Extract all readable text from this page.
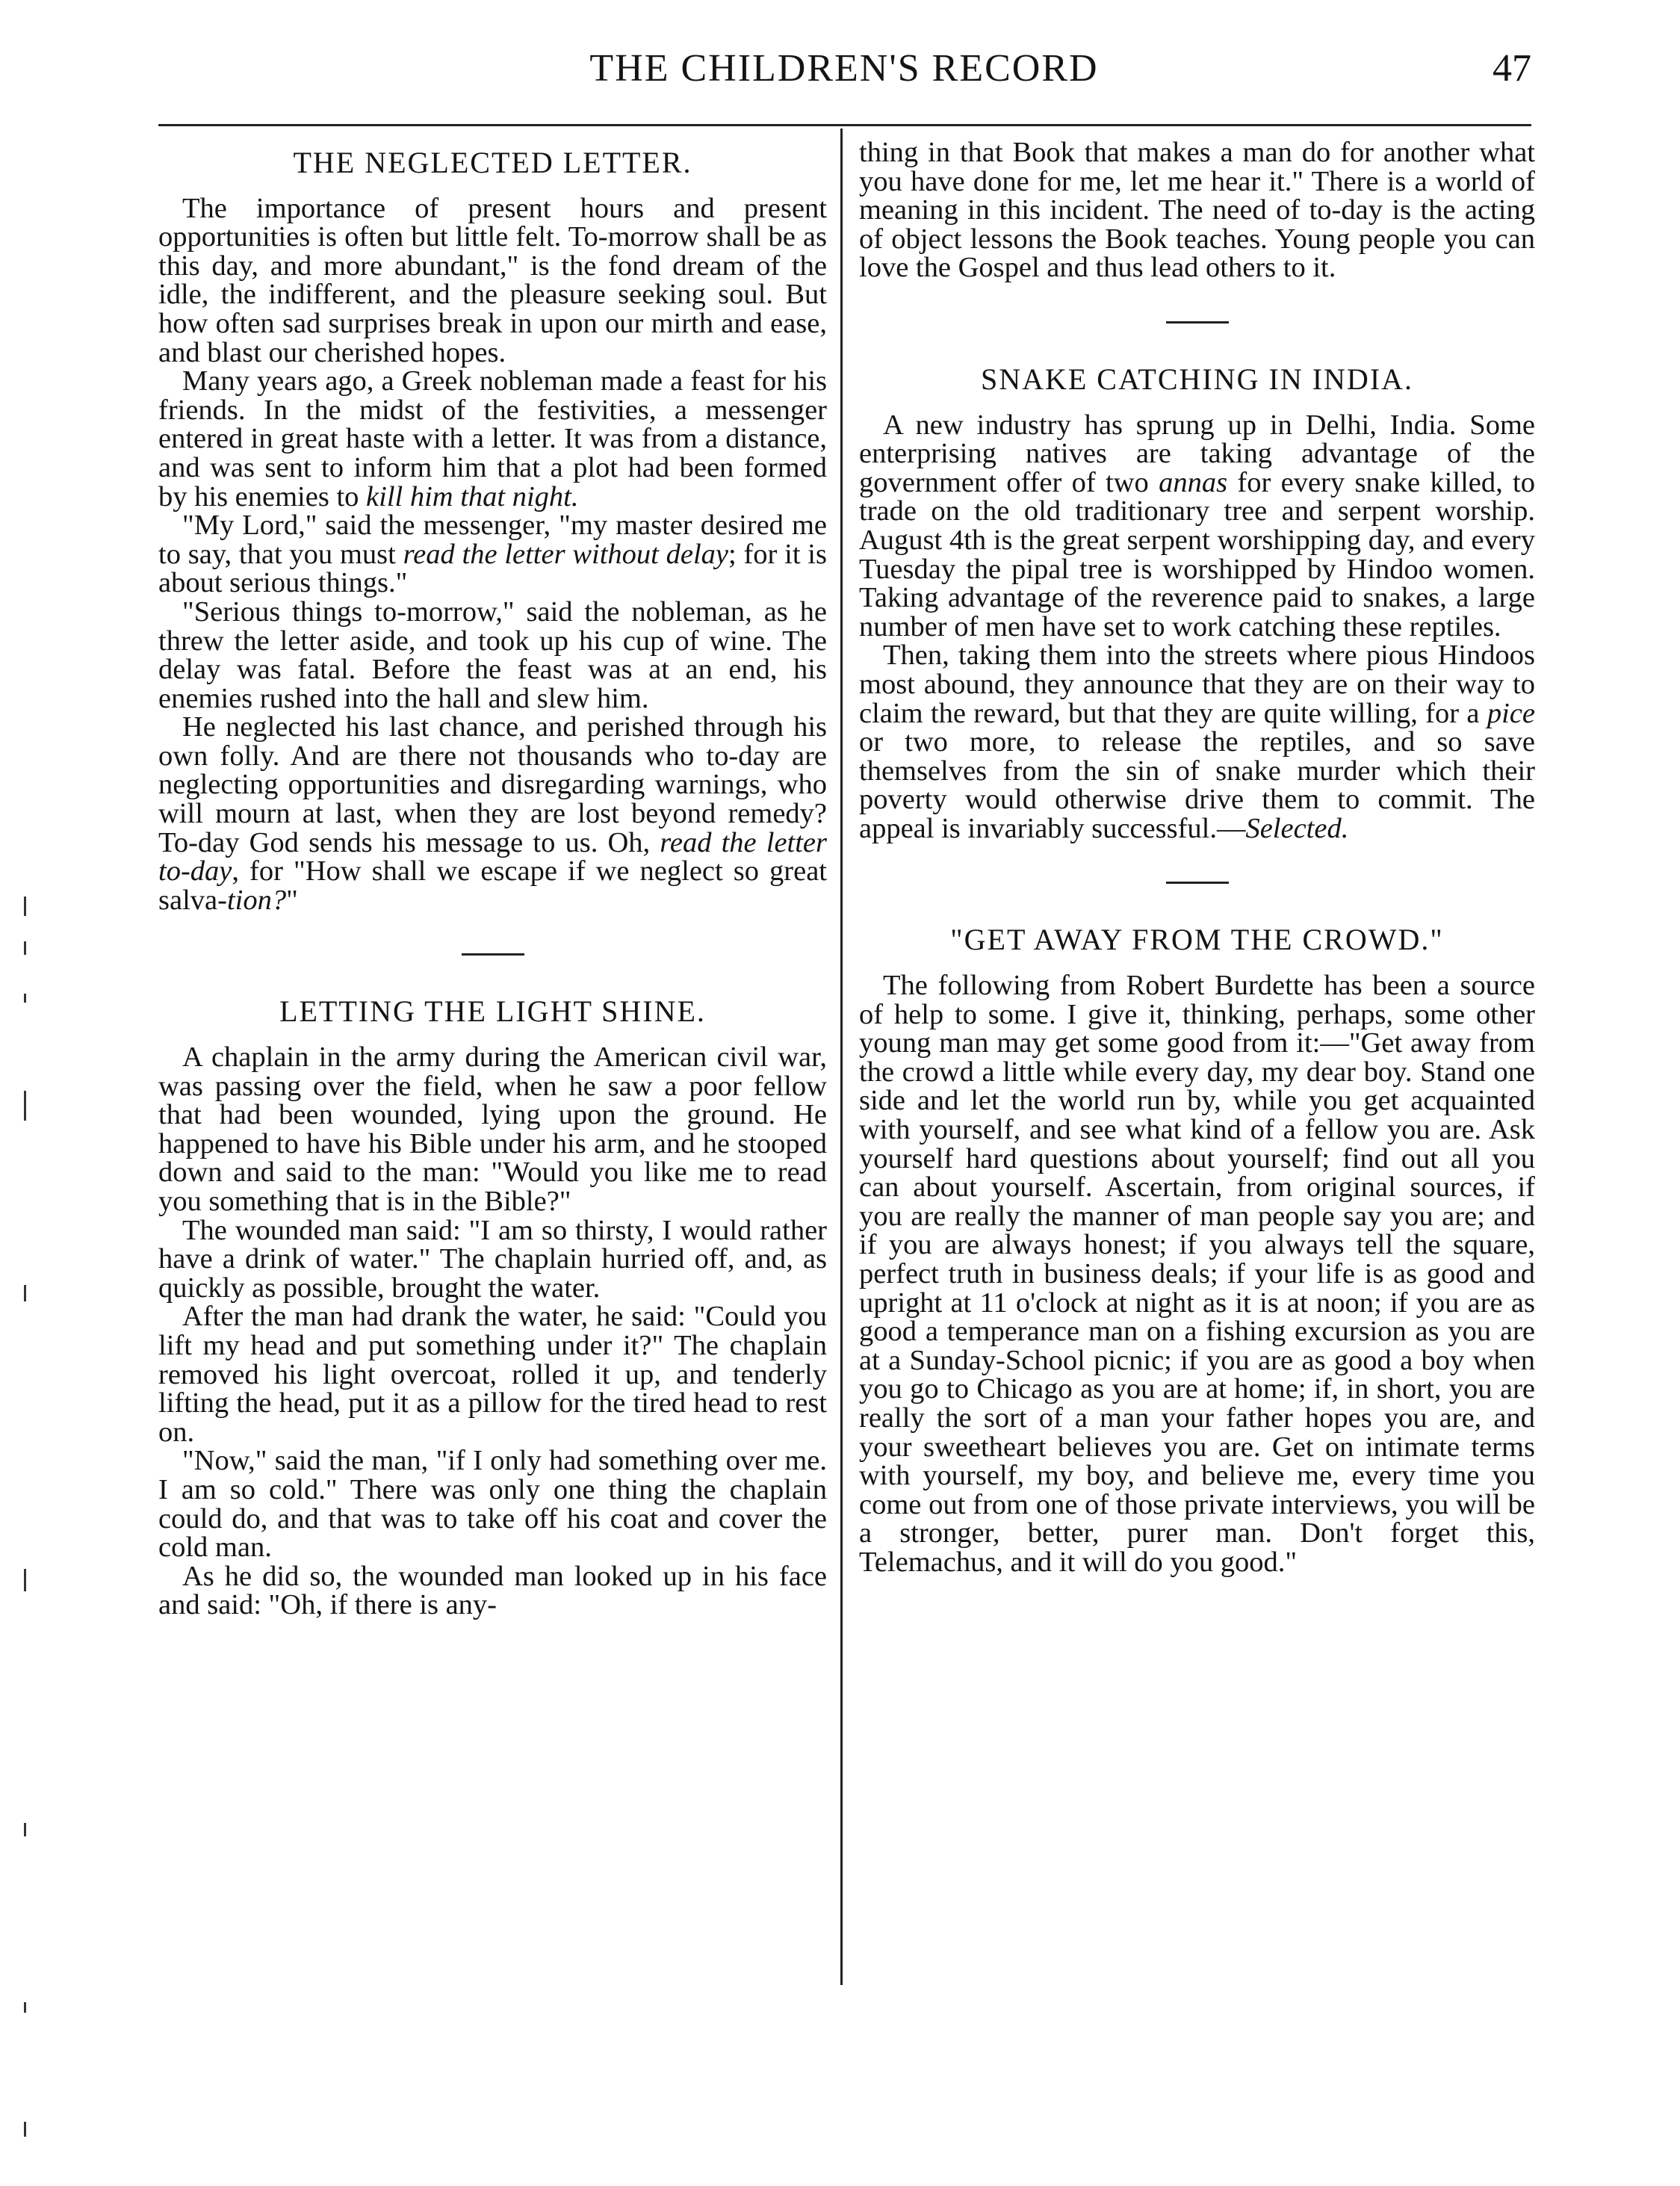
THE CHILDREN'S RECORD	47
THE NEGLECTED LETTER.

The importance of present hours and present opportunities is often but little felt. To-morrow shall be as this day, and more abundant," is the fond dream of the idle, the indifferent, and the pleasure seeking soul. But how often sad surprises break in upon our mirth and ease, and blast our cherished hopes.

Many years ago, a Greek nobleman made a feast for his friends. In the midst of the festivities, a messenger entered in great haste with a letter. It was from a distance, and was sent to inform him that a plot had been formed by his enemies to kill him that night.

"My Lord," said the messenger, "my master desired me to say, that you must read the letter without delay; for it is about serious things."

"Serious things to-morrow," said the nobleman, as he threw the letter aside, and took up his cup of wine. The delay was fatal. Before the feast was at an end, his enemies rushed into the hall and slew him.

He neglected his last chance, and perished through his own folly. And are there not thousands who to-day are neglecting opportunities and disregarding warnings, who will mourn at last, when they are lost beyond remedy? To-day God sends his message to us. Oh, read the letter to-day, for "How shall we escape if we neglect so great salva-tion?"

LETTING THE LIGHT SHINE.

A chaplain in the army during the American civil war, was passing over the field, when he saw a poor fellow that had been wounded, lying upon the ground. He happened to have his Bible under his arm, and he stooped down and said to the man: "Would you like me to read you something that is in the Bible?"

The wounded man said: "I am so thirsty, I would rather have a drink of water." The chaplain hurried off, and, as quickly as possible, brought the water.

After the man had drank the water, he said: "Could you lift my head and put something under it?" The chaplain removed his light overcoat, rolled it up, and tenderly lifting the head, put it as a pillow for the tired head to rest on.

"Now," said the man, "if I only had something over me. I am so cold." There was only one thing the chaplain could do, and that was to take off his coat and cover the cold man.

As he did so, the wounded man looked up in his face and said: "Oh, if there is any-

thing in that Book that makes a man do for another what you have done for me, let me hear it." There is a world of meaning in this incident. The need of to-day is the acting of object lessons the Book teaches. Young people you can love the Gospel and thus lead others to it.

SNAKE CATCHING IN INDIA.

A new industry has sprung up in Delhi, India. Some enterprising natives are taking advantage of the government offer of two annas for every snake killed, to trade on the old traditionary tree and serpent worship. August 4th is the great serpent worshipping day, and every Tuesday the pipal tree is worshipped by Hindoo women. Taking advantage of the reverence paid to snakes, a large number of men have set to work catching these reptiles.

Then, taking them into the streets where pious Hindoos most abound, they announce that they are on their way to claim the reward, but that they are quite willing, for a pice or two more, to release the reptiles, and so save themselves from the sin of snake murder which their poverty would otherwise drive them to commit. The appeal is invariably successful.—Selected.

"GET AWAY FROM THE CROWD."

The following from Robert Burdette has been a source of help to some. I give it, thinking, perhaps, some other young man may get some good from it:—"Get away from the crowd a little while every day, my dear boy. Stand one side and let the world run by, while you get acquainted with yourself, and see what kind of a fellow you are. Ask yourself hard questions about yourself; find out all you can about yourself. Ascertain, from original sources, if you are really the manner of man people say you are; and if you are always honest; if you always tell the square, perfect truth in business deals; if your life is as good and upright at 11 o'clock at night as it is at noon; if you are as good a temperance man on a fishing excursion as you are at a Sunday-School picnic; if you are as good a boy when you go to Chicago as you are at home; if, in short, you are really the sort of a man your father hopes you are, and your sweetheart believes you are. Get on intimate terms with yourself, my boy, and believe me, every time you come out from one of those private interviews, you will be a stronger, better, purer man. Don't forget this, Telemachus, and it will do you good."
